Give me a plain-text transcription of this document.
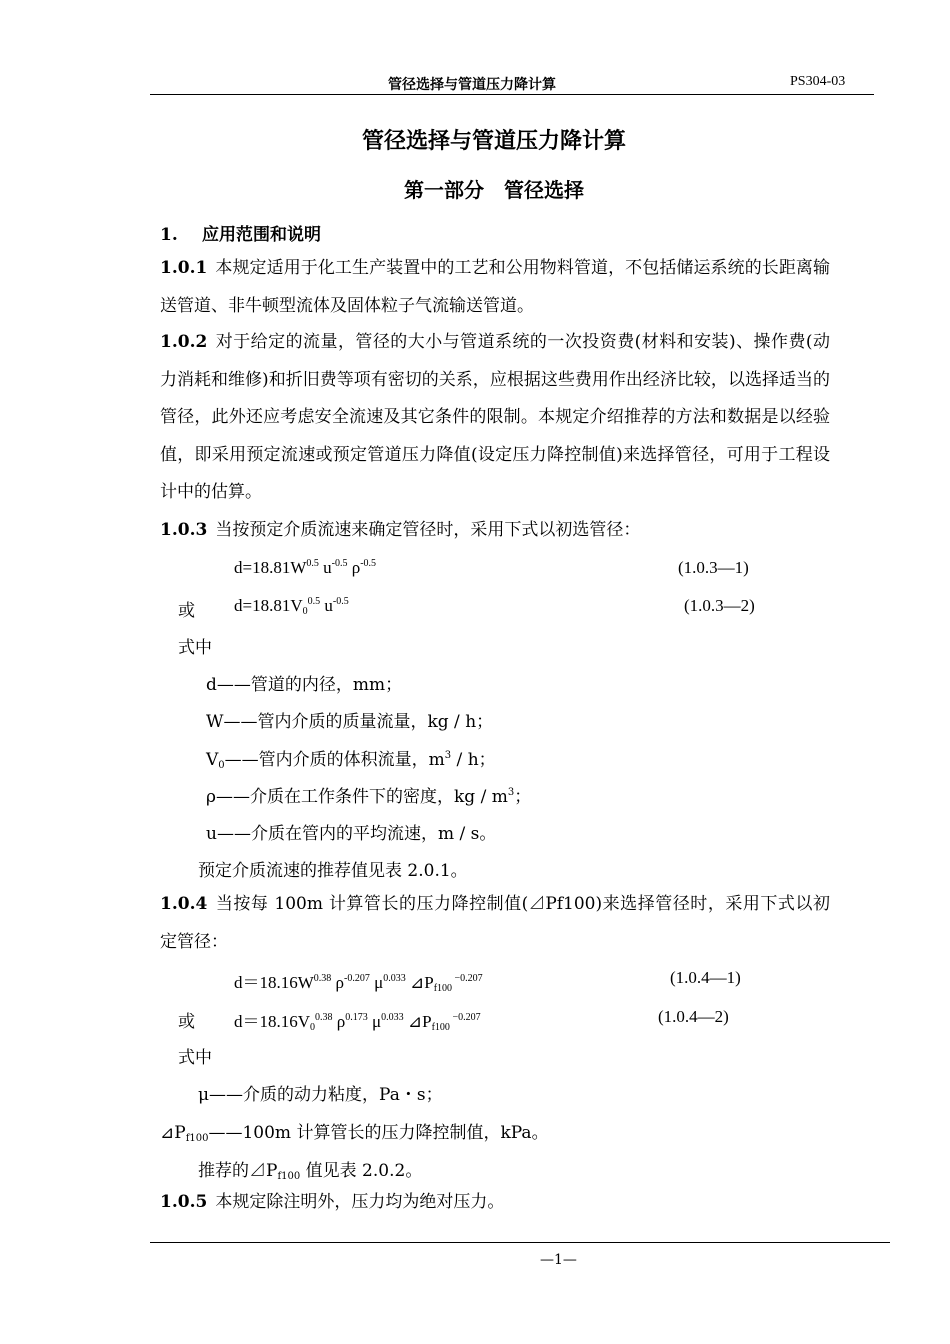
管径选择与管道压力降计算	PS304-03
管径选择与管道压力降计算
第一部分　管径选择
1. 应用范围和说明
1.0.1 本规定适用于化工生产装置中的工艺和公用物料管道，不包括储运系统的长距离输送管道、非牛顿型流体及固体粒子气流输送管道。
1.0.2 对于给定的流量，管径的大小与管道系统的一次投资费(材料和安装)、操作费(动力消耗和维修)和折旧费等项有密切的关系，应根据这些费用作出经济比较，以选择适当的管径，此外还应考虑安全流速及其它条件的限制。本规定介绍推荐的方法和数据是以经验值，即采用预定流速或预定管道压力降值(设定压力降控制值)来选择管径，可用于工程设计中的估算。
1.0.3 当按预定介质流速来确定管径时，采用下式以初选管径：
$d=18.81W^{0.5}$ $u^{-0.5}$ $\rho^{-0.5}$	(1.0.3—1)
或 $d=18.81V_0^{0.5}$ $u^{-0.5}$	(1.0.3—2)
式中
d——管道的内径，mm；
W——管内介质的质量流量，kg / h；
$V_0——$管内介质的体积流量，$m^3$ / h；
ρ——介质在工作条件下的密度，kg / $m^3$；
u——介质在管内的平均流速，m / s。
预定介质流速的推荐值见表 2.0.1。
1.0.4 当按每 100m 计算管长的压力降控制值(⊿Pf100)来选择管径时，采用下式以初定管径：
$d=18.16W^{0.38}$ $\rho^{-0.207}$ $\mu^{0.033}$ $⊿P_{f100}$ $^{-0.207}$	(1.0.4—1)
或 $d=18.16V_0^{0.38}$ $\rho^{0.173}$ $\mu^{0.033}$ $⊿P_{f100}$ $^{-0.207}$	(1.0.4—2)
式中
μ——介质的动力粘度，Pa・s；
$⊿P_{f100}——100m$ 计算管长的压力降控制值，kPa。
推荐的$⊿P_{f100}$ 值见表 2.0.2。
1.0.5 本规定除注明外，压力均为绝对压力。
—1—
